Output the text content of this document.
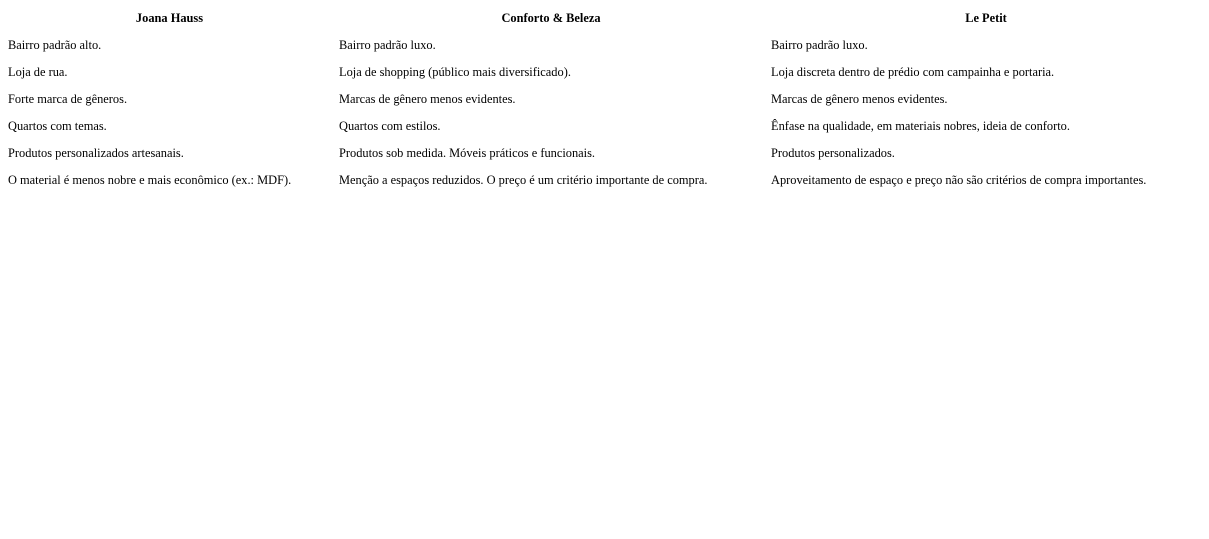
Joana Hauss	Conforto & Beleza	Le Petit
Bairro padrão alto.	Bairro padrão luxo.	Bairro padrão luxo.
Loja de rua.	Loja de shopping (público mais diversificado).	Loja discreta dentro de prédio com campainha e portaria.
Forte marca de gêneros.	Marcas de gênero menos evidentes.	Marcas de gênero menos evidentes.
Quartos com temas.	Quartos com estilos.	Ênfase na qualidade, em materiais nobres, ideia de conforto.
Produtos personalizados artesanais.	Produtos sob medida. Móveis práticos e funcionais.	Produtos personalizados.
O material é menos nobre e mais econômico (ex.: MDF).	Menção a espaços reduzidos. O preço é um critério importante de compra.	Aproveitamento de espaço e preço não são critérios de compra importantes.
